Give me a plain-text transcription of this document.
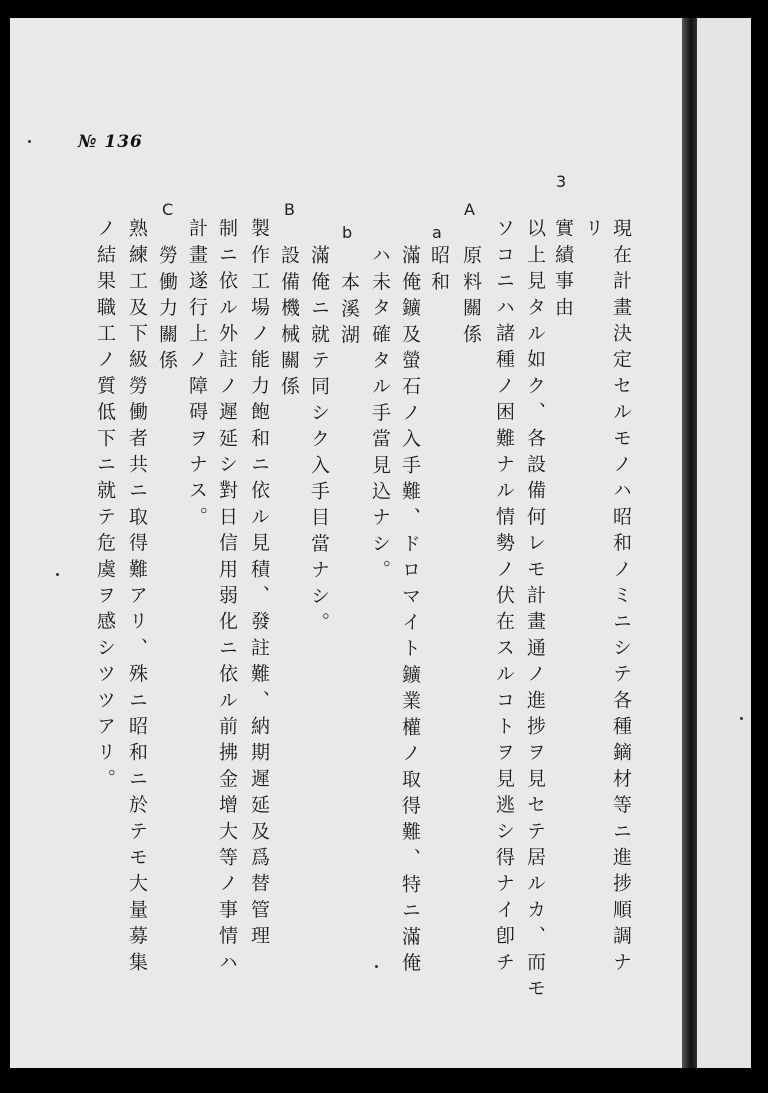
№ 136
3
A
a
b
B
C
現在計畫決定セルモノハ昭和ノミニシテ各種鏑材等ニ進捗順調ナ
リ
實績事由
以上見タル如ク、各設備何レモ計畫通ノ進捗ヲ見セテ居ルカ、而モ
ソコニハ諸種ノ困難ナル情勢ノ伏在スルコトヲ見逃シ得ナイ卽チ
原料關係
昭和
滿俺鑛及螢石ノ入手難、ドロマイト鑛業權ノ取得難、特ニ滿俺
ハ未タ確タル手當見込ナシ。
本溪湖
滿俺ニ就テ同シク入手目當ナシ。
設備機械關係
製作工場ノ能力飽和ニ依ル見積、發註難、納期遲延及爲替管理
制ニ依ル外註ノ遲延シ對日信用弱化ニ依ル前拂金增大等ノ事情ハ
計畫遂行上ノ障碍ヲナス。
勞働力關係
熟練工及下級勞働者共ニ取得難アリ、殊ニ昭和ニ於テモ大量募集
ノ結果職工ノ質低下ニ就テ危虞ヲ感シツツアリ。
